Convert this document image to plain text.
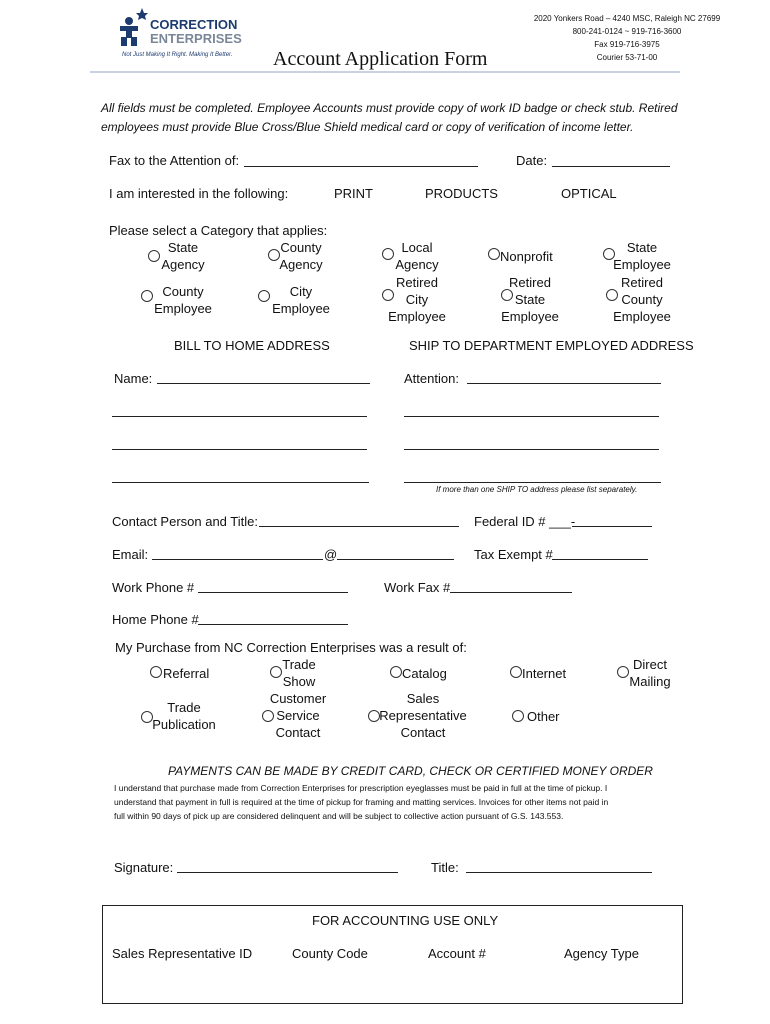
CORRECTION
ENTERPRISES
Not Just Making It Right. Making It Better. Account Application Form
2020 Yonkers Road – 4240 MSC, Raleigh NC 27699
800-241-0124 ~ 919-716-3600
Fax 919-716-3975
Courier 53-71-00
All fields must be completed. Employee Accounts must provide copy of work ID badge or check stub. Retired
employees must provide Blue Cross/Blue Shield medical card or copy of verification of income letter.
Fax to the Attention of:	Date:
I am interested in the following:	PRINT	PRODUCTS	OPTICAL
Please select a Category that applies:
State
Agency
County
Agency
Local
Agency
Nonprofit
State
Employee
County
Employee
City
Employee
Retired
City
Employee
Retired
State
Employee
Retired
County
Employee
BILL TO HOME ADDRESS	SHIP TO DEPARTMENT EMPLOYED ADDRESS
Name:	Attention:
If more than one SHIP TO address please list separately.
Contact Person and Title:	Federal ID # ___-
Email:	@	Tax Exempt #
Work Phone #	Work Fax #
Home Phone #
My Purchase from NC Correction Enterprises was a result of:
Referral
Trade
Show
Catalog	Internet
Direct
Mailing
Trade
Publication
Customer
Service
Contact
Sales
Representative
Contact
Other
PAYMENTS CAN BE MADE BY CREDIT CARD, CHECK OR CERTIFIED MONEY ORDER
I understand that purchase made from Correction Enterprises for prescription eyeglasses must be paid in full at the time of pickup. I
understand that payment in full is required at the time of pickup for framing and matting services. Invoices for other items not paid in
full within 90 days of pick up are considered delinquent and will be subject to collective action pursuant of G.S. 143.553.
Signature:	Title:
FOR ACCOUNTING USE ONLY
Sales Representative ID	County Code	Account #	Agency Type
